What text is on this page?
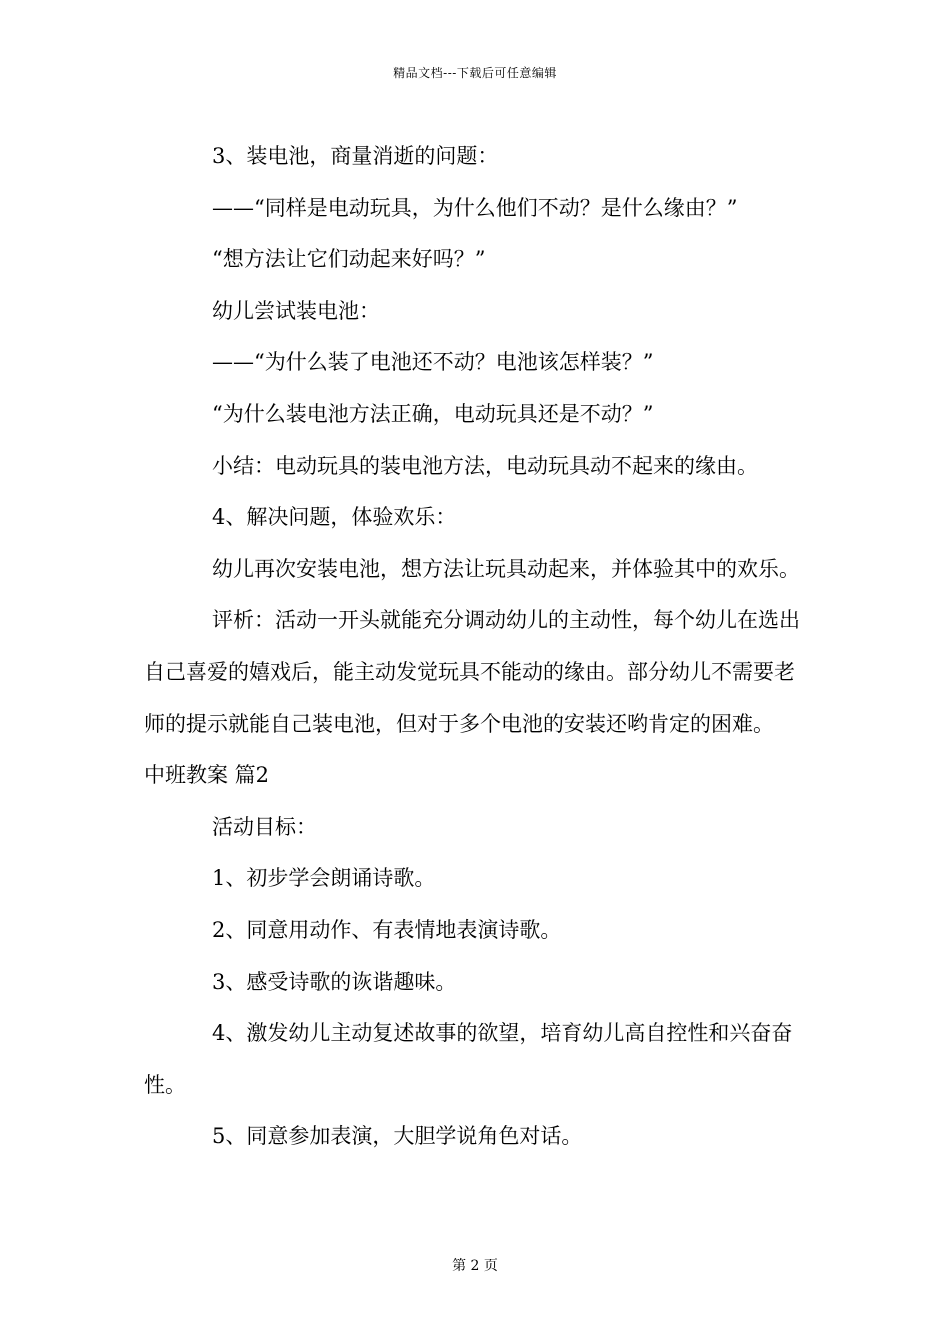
精品文档---下载后可任意编辑

3、装电池，商量消逝的问题：

——“同样是电动玩具，为什么他们不动？是什么缘由？”

“想方法让它们动起来好吗？”

幼儿尝试装电池：

——“为什么装了电池还不动？电池该怎样装？”

“为什么装电池方法正确，电动玩具还是不动？”

小结：电动玩具的装电池方法，电动玩具动不起来的缘由。

4、解决问题，体验欢乐：

幼儿再次安装电池，想方法让玩具动起来，并体验其中的欢乐。

评析：活动一开头就能充分调动幼儿的主动性，每个幼儿在选出自己喜爱的嬉戏后，能主动发觉玩具不能动的缘由。部分幼儿不需要老师的提示就能自己装电池，但对于多个电池的安装还哟肯定的困难。

中班教案 篇2

活动目标：

1、初步学会朗诵诗歌。

2、同意用动作、有表情地表演诗歌。

3、感受诗歌的诙谐趣味。

4、激发幼儿主动复述故事的欲望，培育幼儿高自控性和兴奋奋性。

5、同意参加表演，大胆学说角色对话。

第 2 页
